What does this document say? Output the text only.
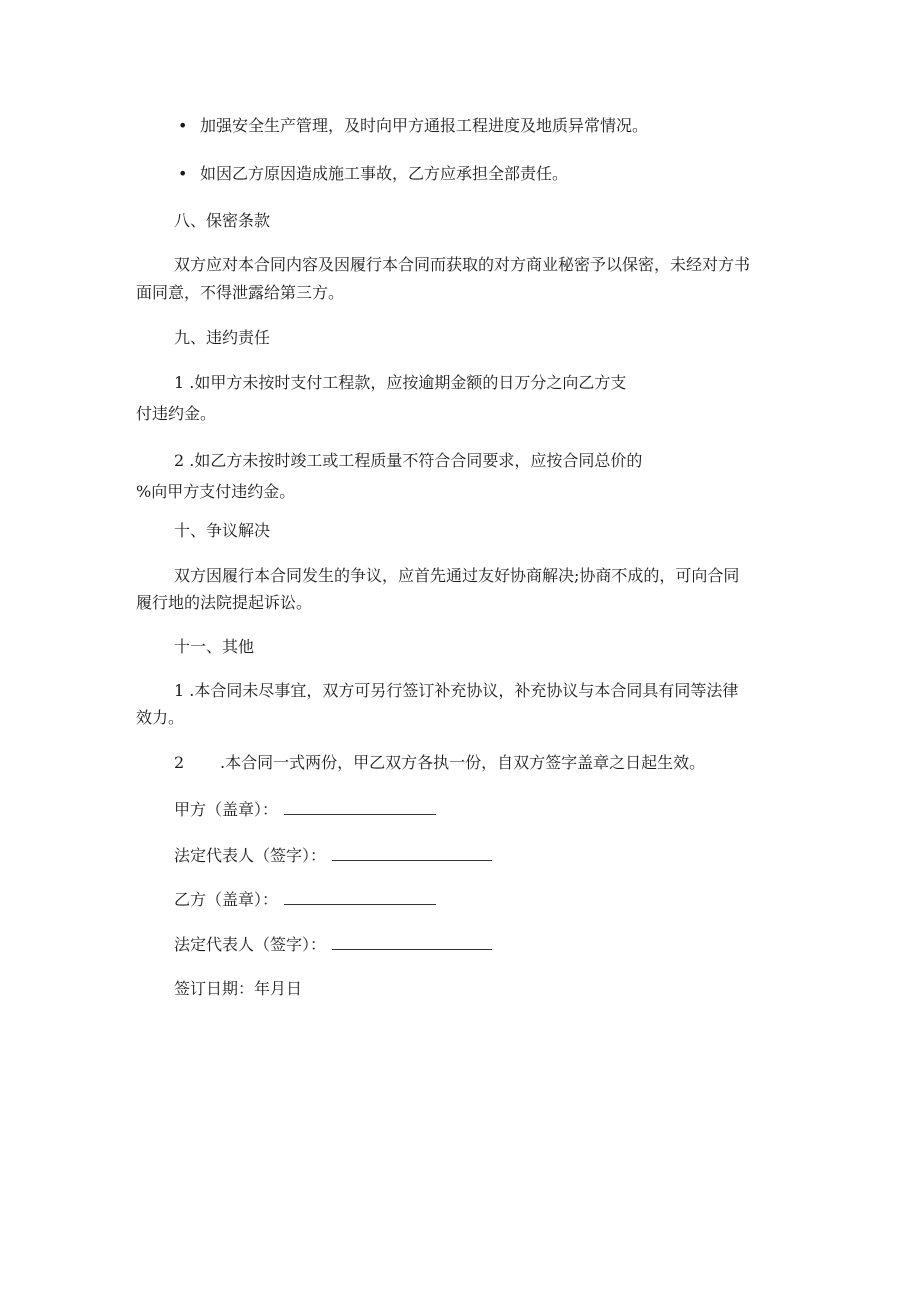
• 加强安全生产管理，及时向甲方通报工程进度及地质异常情况。
• 如因乙方原因造成施工事故，乙方应承担全部责任。
八、保密条款
双方应对本合同内容及因履行本合同而获取的对方商业秘密予以保密，未经对方书
面同意，不得泄露给第三方。
九、违约责任
1 .如甲方未按时支付工程款，应按逾期金额的日万分之向乙方支
付违约金。
2 .如乙方未按时竣工或工程质量不符合合同要求，应按合同总价的
%向甲方支付违约金。
十、争议解决
双方因履行本合同发生的争议，应首先通过友好协商解决;协商不成的，可向合同
履行地的法院提起诉讼。
十一、其他
1 .本合同未尽事宜，双方可另行签订补充协议，补充协议与本合同具有同等法律
效力。
2 .本合同一式两份，甲乙双方各执一份，自双方签字盖章之日起生效。
甲方（盖章）：
法定代表人（签字）：
乙方（盖章）：
法定代表人（签字）：
签订日期：年月日
